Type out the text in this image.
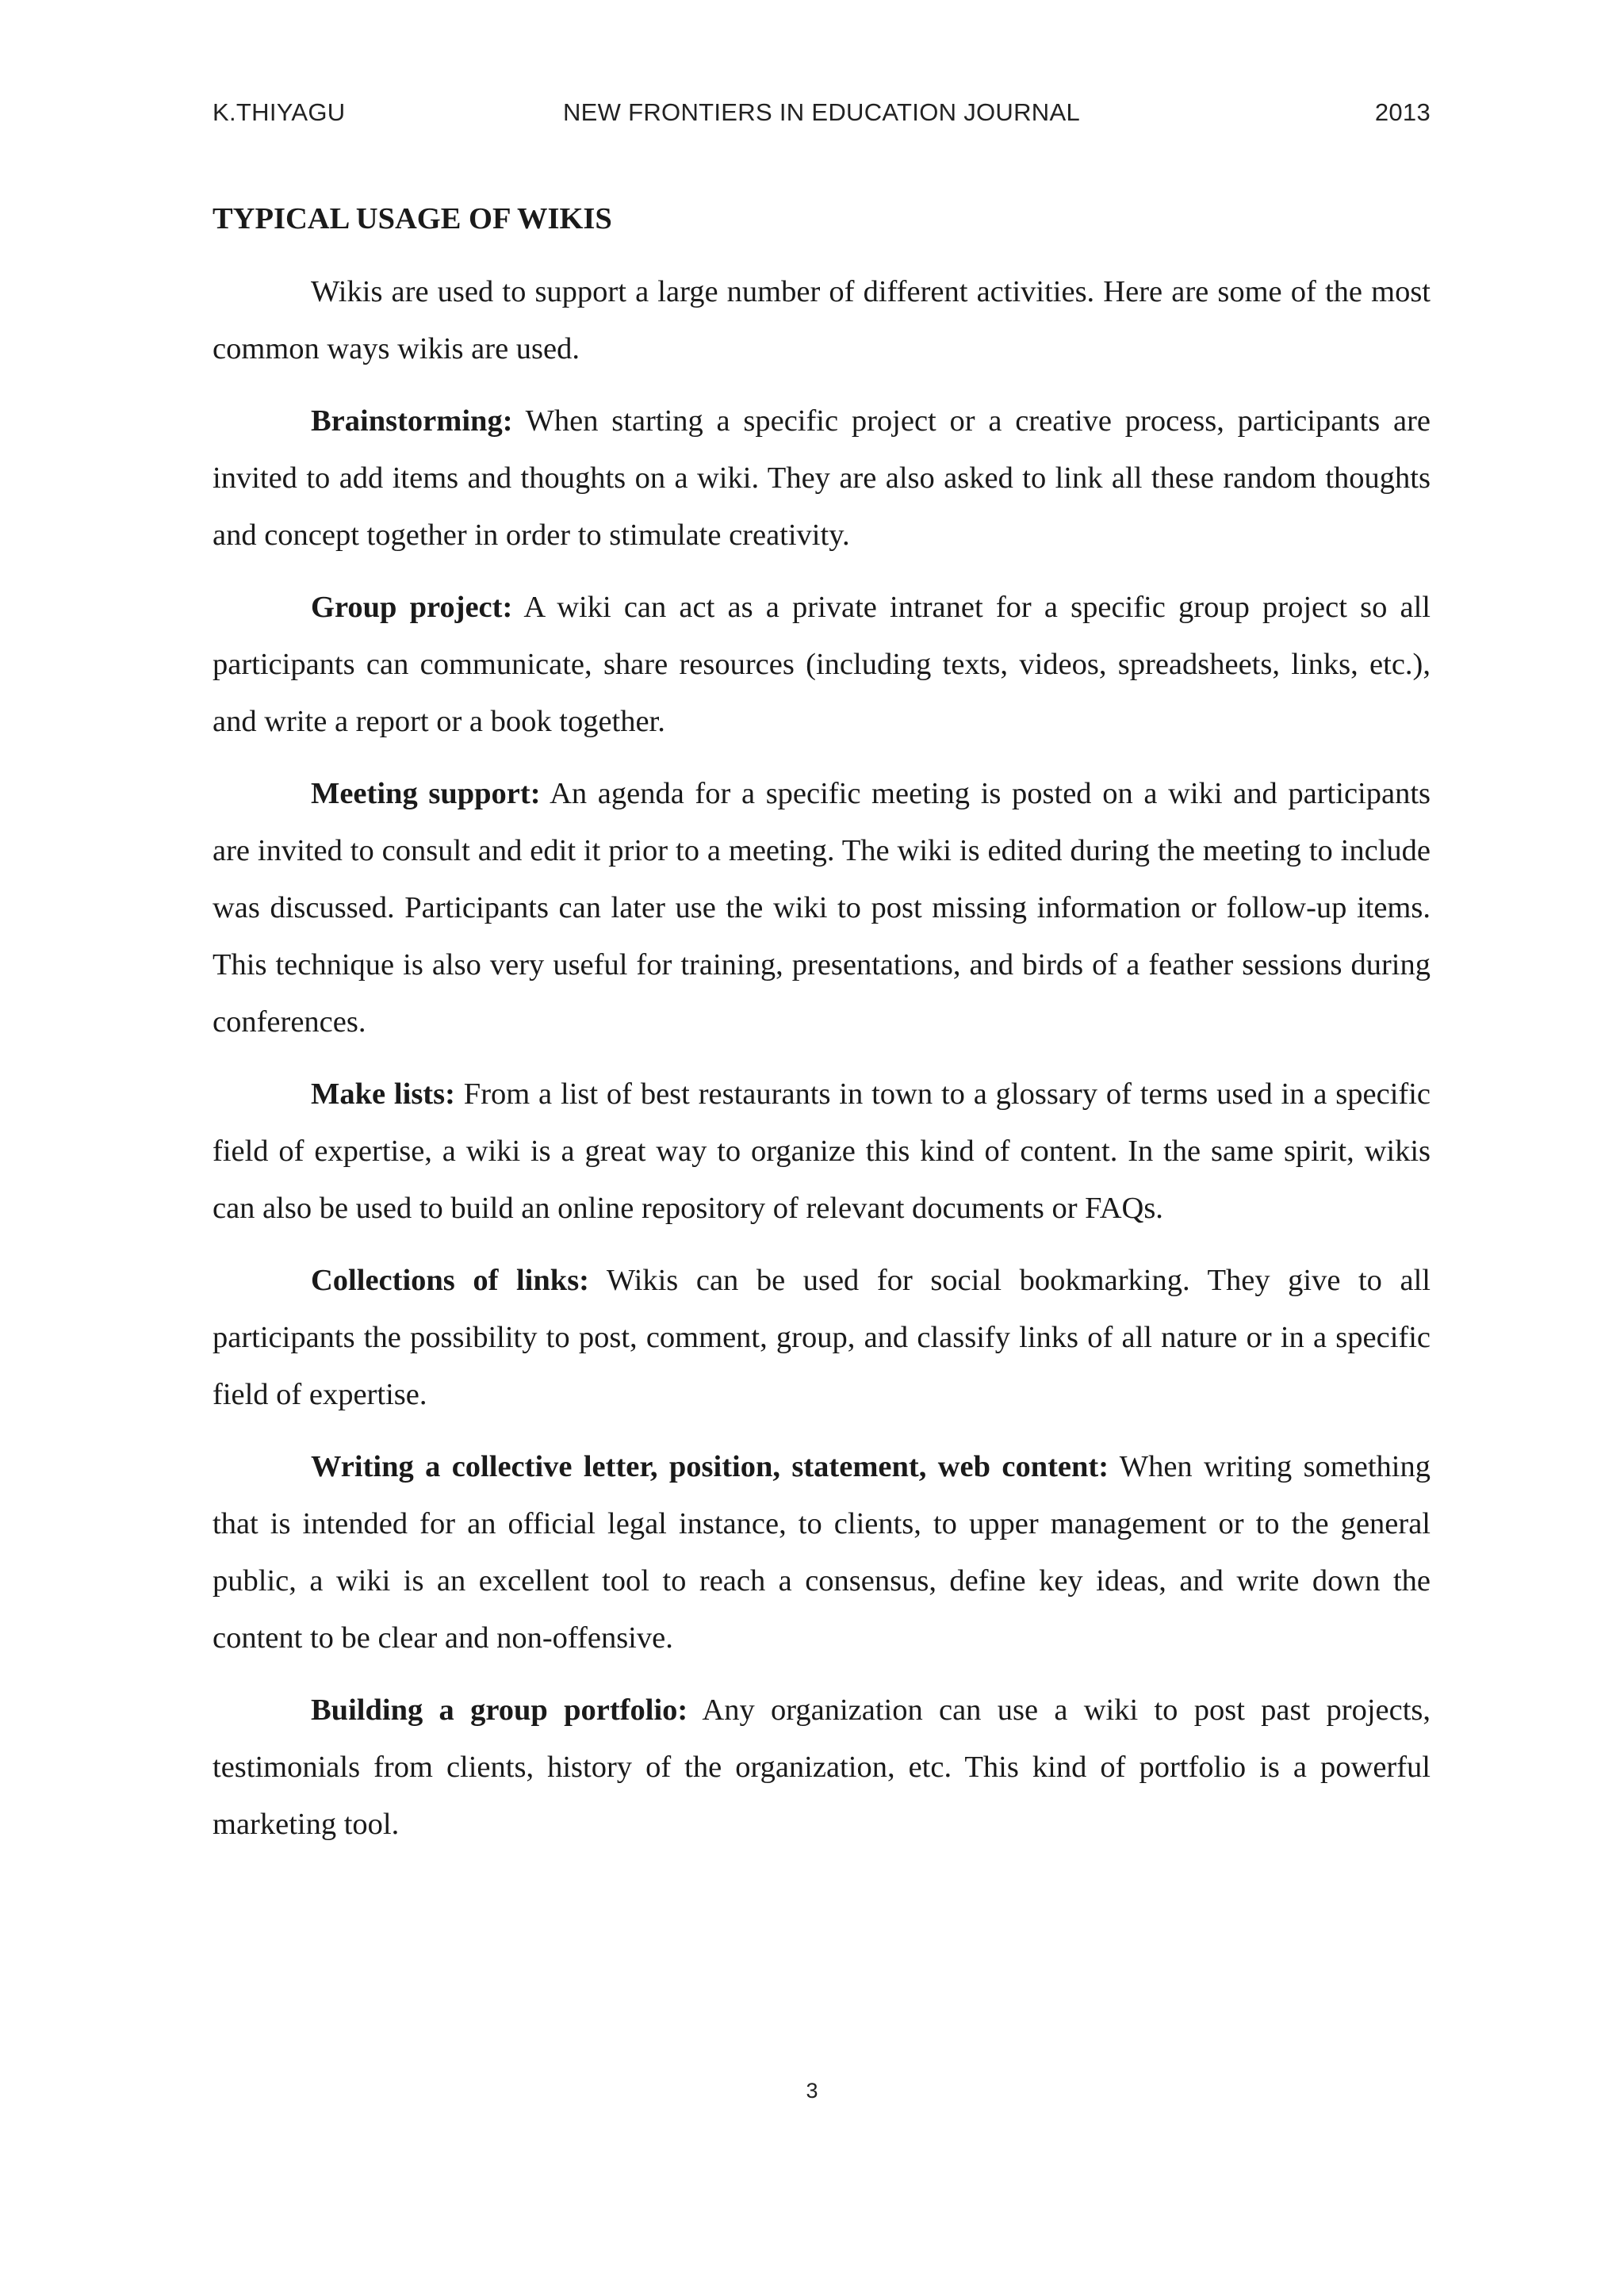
K.THIYAGU	NEW FRONTIERS IN EDUCATION JOURNAL	2013
TYPICAL USAGE OF WIKIS

Wikis are used to support a large number of different activities. Here are some of the most common ways wikis are used.

Brainstorming: When starting a specific project or a creative process, participants are invited to add items and thoughts on a wiki. They are also asked to link all these random thoughts and concept together in order to stimulate creativity.

Group project: A wiki can act as a private intranet for a specific group project so all participants can communicate, share resources (including texts, videos, spreadsheets, links, etc.), and write a report or a book together.

Meeting support: An agenda for a specific meeting is posted on a wiki and participants are invited to consult and edit it prior to a meeting. The wiki is edited during the meeting to include was discussed. Participants can later use the wiki to post missing information or follow-up items. This technique is also very useful for training, presentations, and birds of a feather sessions during conferences.

Make lists: From a list of best restaurants in town to a glossary of terms used in a specific field of expertise, a wiki is a great way to organize this kind of content. In the same spirit, wikis can also be used to build an online repository of relevant documents or FAQs.

Collections of links: Wikis can be used for social bookmarking. They give to all participants the possibility to post, comment, group, and classify links of all nature or in a specific field of expertise.

Writing a collective letter, position, statement, web content: When writing something that is intended for an official legal instance, to clients, to upper management or to the general public, a wiki is an excellent tool to reach a consensus, define key ideas, and write down the content to be clear and non-offensive.

Building a group portfolio: Any organization can use a wiki to post past projects, testimonials from clients, history of the organization, etc. This kind of portfolio is a powerful marketing tool.

3
